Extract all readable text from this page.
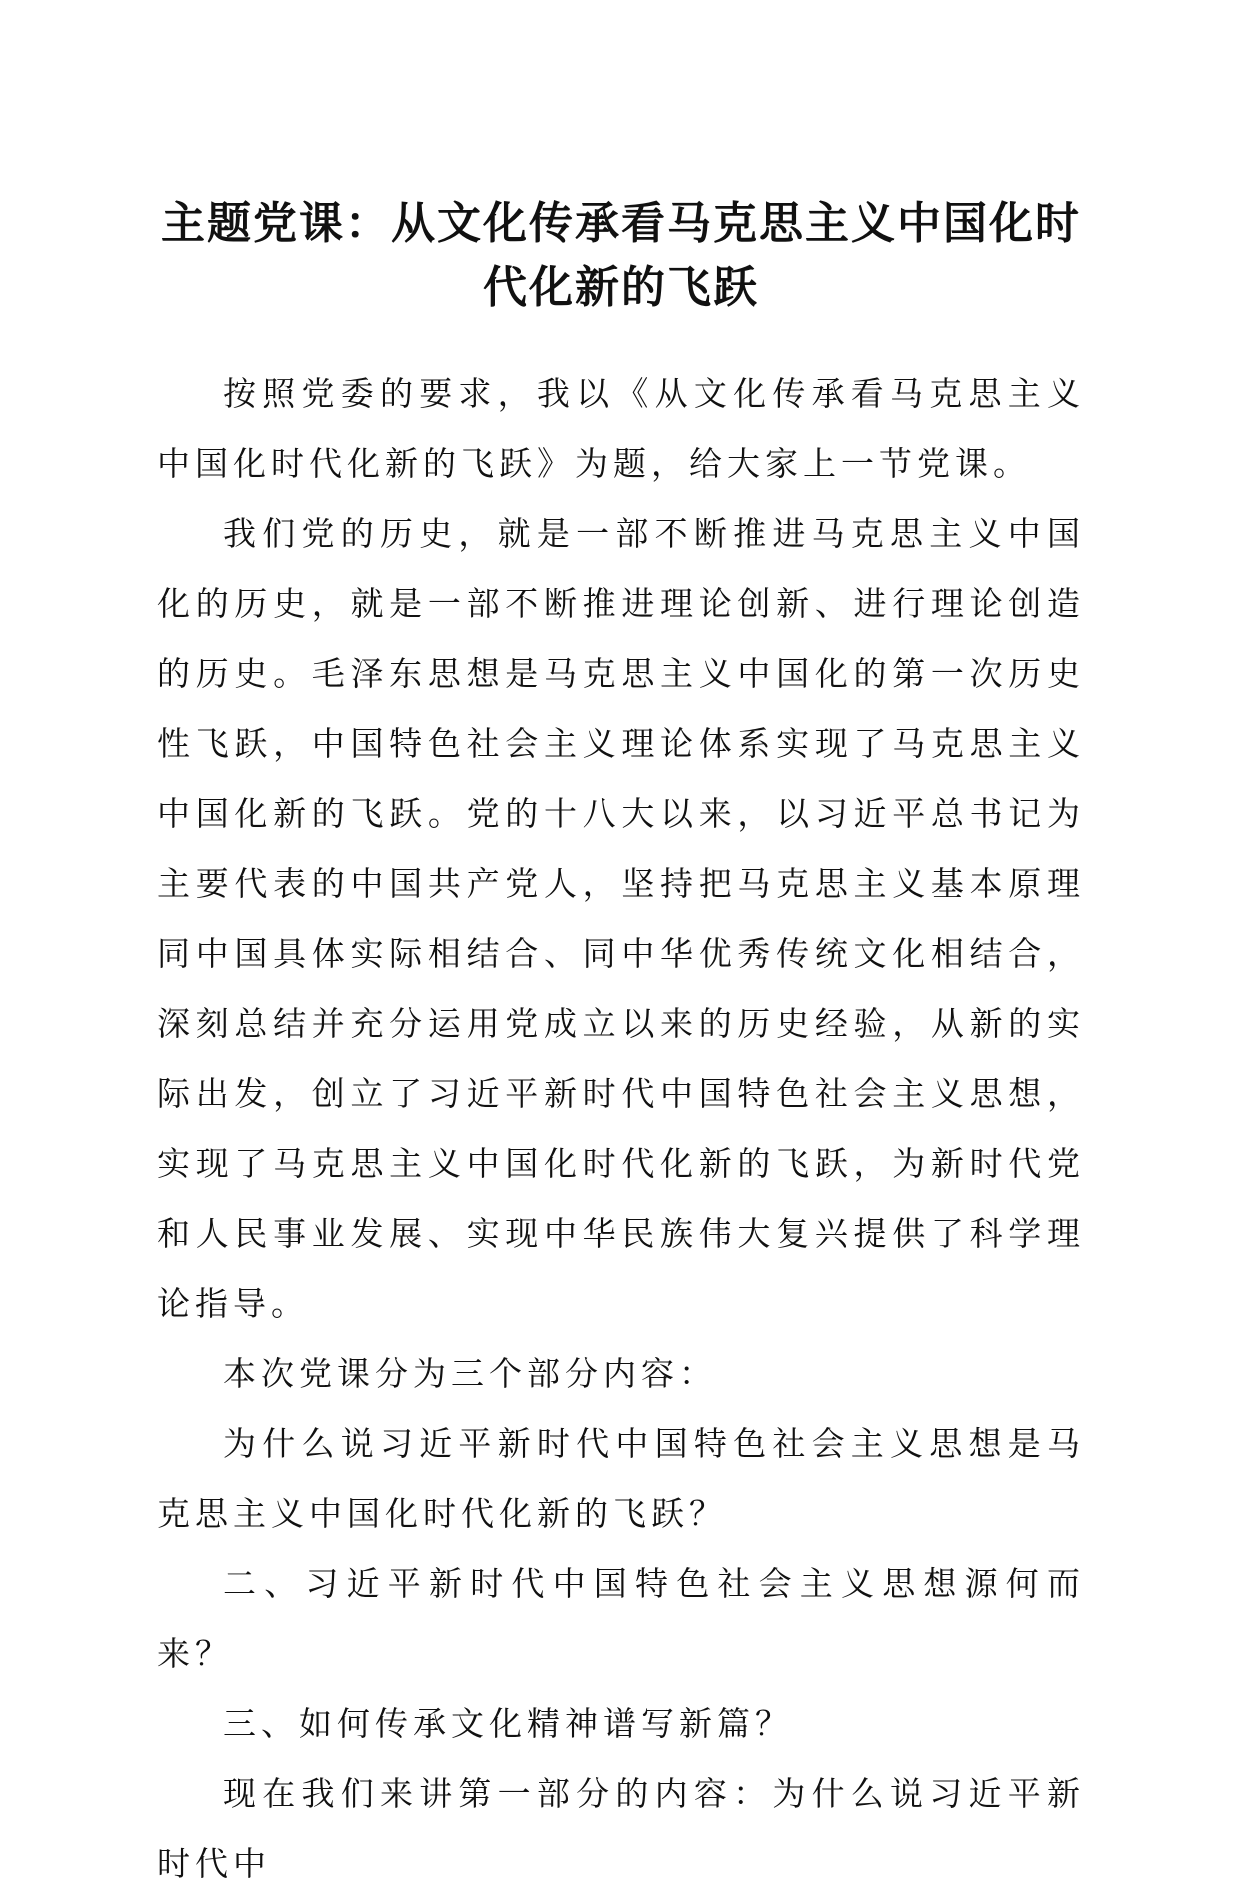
主题党课：从文化传承看马克思主义中国化时
代化新的飞跃

按照党委的要求，我以《从文化传承看马克思主义中国化时代化新的飞跃》为题，给大家上一节党课。

我们党的历史，就是一部不断推进马克思主义中国化的历史，就是一部不断推进理论创新、进行理论创造的历史。毛泽东思想是马克思主义中国化的第一次历史性飞跃，中国特色社会主义理论体系实现了马克思主义中国化新的飞跃。党的十八大以来，以习近平总书记为主要代表的中国共产党人，坚持把马克思主义基本原理同中国具体实际相结合、同中华优秀传统文化相结合，深刻总结并充分运用党成立以来的历史经验，从新的实际出发，创立了习近平新时代中国特色社会主义思想，实现了马克思主义中国化时代化新的飞跃，为新时代党和人民事业发展、实现中华民族伟大复兴提供了科学理论指导。

本次党课分为三个部分内容：

为什么说习近平新时代中国特色社会主义思想是马克思主义中国化时代化新的飞跃？

二、习近平新时代中国特色社会主义思想源何而来？

三、如何传承文化精神谱写新篇？

现在我们来讲第一部分的内容：为什么说习近平新时代中
